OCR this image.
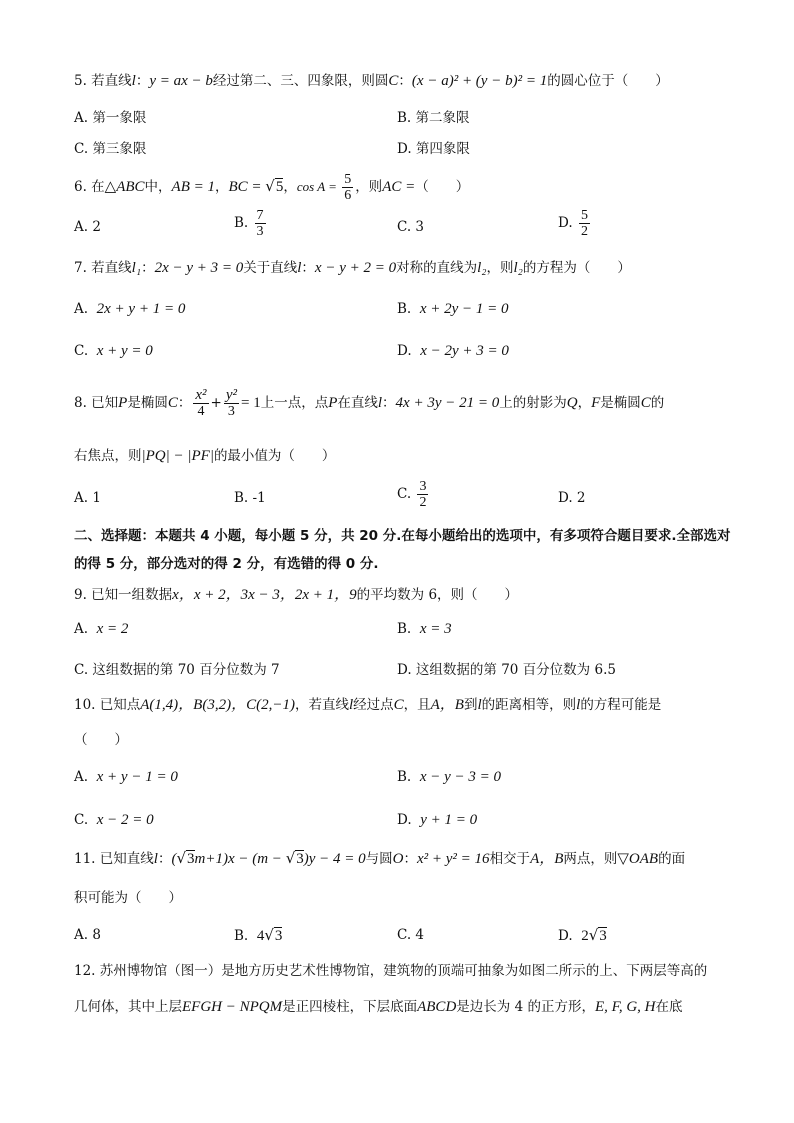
5. 若直线l：y = ax − b经过第二、三、四象限，则圆C：(x − a)² + (y − b)² = 1的圆心位于（　　）
A. 第一象限	B. 第二象限
C. 第三象限	D. 第四象限
6. 在△ABC中，AB = 1，BC = √5，$\cos A = \frac{5}{6}$ ，则AC =（　　）
A. 2	B. $\frac{7}{3}$	C. 3	D. $\frac{5}{2}$
7. 若直线l₁：2x − y + 3 = 0关于直线l：x − y + 2 = 0对称的直线为l₂，则l₂的方程为（　　）
A. 2x + y + 1 = 0	B. x + 2y − 1 = 0
C. x + y = 0	D. x − 2y + 3 = 0
8. 已知P是椭圆C： $\frac{\text{x²}}{4} + \frac{\text{y²}}{3} = 1$上一点，点P在直线l：4x + 3y − 21 = 0上的射影为Q，F是椭圆C的
右焦点，则|PQ| − |PF|的最小值为（　　）
A. 1	B. -1	C. $\frac{3}{2}$	D. 2
二、选择题：本题共 4 小题，每小题 5 分，共 20 分.在每小题给出的选项中，有多项符合题目要求.全部选对的得 5 分，部分选对的得 2 分，有选错的得 0 分.
9. 已知一组数据x，x + 2，3x − 3，2x + 1，9的平均数为 6，则（　　）
A. x = 2	B. x = 3
C. 这组数据的第 70 百分位数为 7	D. 这组数据的第 70 百分位数为 6.5
10. 已知点A(1,4)，B(3,2)，C(2,−1)，若直线l经过点C，且A，B到l的距离相等，则l的方程可能是
（　　）
A. x + y − 1 = 0	B. x − y − 3 = 0
C. x − 2 = 0	D. y + 1 = 0
11. 已知直线l：(√3m+1)x − (m − √3)y − 4 = 0与圆O：x² + y² = 16相交于A，B两点，则▽OAB的面
积可能为（　　）
A. 8	B. 4√3	C. 4	D. 2√3
12. 苏州博物馆（图一）是地方历史艺术性博物馆，建筑物的顶端可抽象为如图二所示的上、下两层等高的
几何体，其中上层EFGH − NPQM是正四棱柱，下层底面ABCD是边长为 4 的正方形，E, F, G, H在底
